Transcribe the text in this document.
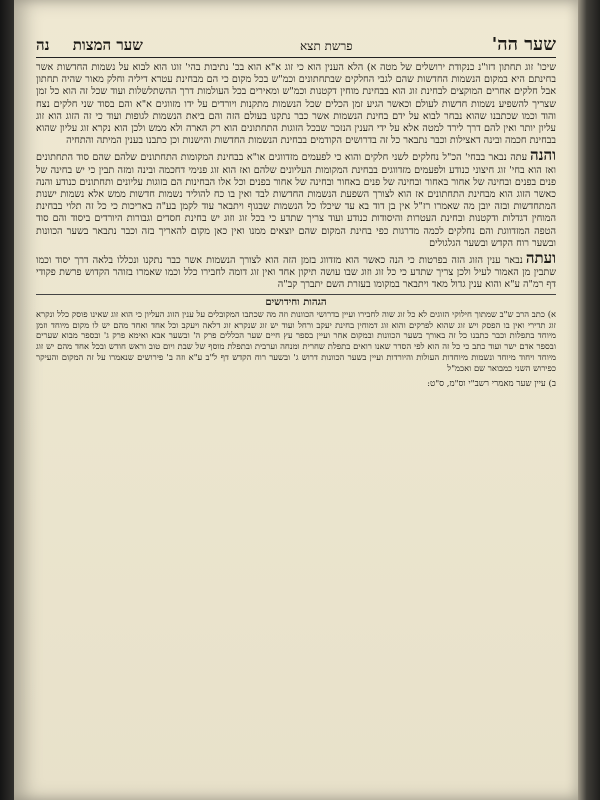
שער הה'
פרשת תצא
שער המצות נה

שיכו' זוג תחתון דזו"נ כנקודת ירושלים של מטה א) הלא הענין הוא כי זוג א"א הוא בכ' נתיבות בהי' זוגו הוא לבוא על נשמות החדשות אשר בחינתם היא במקום הנשמות החדשות שהם לגבי החלקים שבתחתונים וכמ"ש בכל מקום כי הם מבחינת עטרא דיליה וחלק מאור שהיה תחתון אבל חלקים אחרים המוקצים לבחינת זוג הוא בבחינת מוחין דקטנות וכמ"ש ומאירים בכל העולמות דרך ההשתלשלות ועוד שכל זה הוא כל זמן שצריך להשפיע נשמות חדשות לעולם וכאשר הגיע זמן הכלים שכל הנשמות מתקנות ויורדים על ידו מזווגים א"א והם בסוד שני חלקים נצח והוד וכמו שכתבנו שהוא נבחר לבוא על ידם בחינת הנשמות אשר כבר נתקנו בעולם הזה והם ביאת הנשמות לגופות ועוד כי זה הזוג הוא זוג עליון יותר ואין להם דרך לירד למטה אלא על ידי הענין הנזכר שבכל הזוגות התחתונים הוא רק הארה ולא ממש ולכן הוא נקרא זוג עליון שהוא בבחינת חכמה ובינה דאצילות וכבר נתבאר כל זה בדרושים הקודמים בבחינת הנשמות החדשות והישנות וכן כתבנו בענין המיתה והתחיה

והנהעתה נבאר בבחי' הכ"ל נחלקים לשני חלקים והוא כי לפעמים מזדווגים או"א בבחינת המקומות התחתונים שלהם שהם סוד התחתונים ואז הוא בחי' זוג חיצוני כנודע ולפעמים מזדווגים בבחינת המקומות העליונים שלהם ואז הוא זוג פנימי דחכמה ובינה ומזה תבין כי יש בחינה של פנים בפנים ובחינה של אחור באחור ובחינה של פנים באחור ובחינה של אחור בפנים וכל אלו הבחינות הם בזוגות עליונים ותחתונים כנודע והנה כאשר הזוג הוא מבחינת התחתונים אז הוא לצורך השפעת הנשמות החדשות לבד ואין בו כח להוליד נשמות חדשות ממש אלא נשמות ישנות המתחדשות ובזה יובן מה שאמרו רז"ל אין בן דוד בא עד שיכלו כל הנשמות שבגוף ויתבאר עוד לקמן בע"ה באריכות כי כל זה תלוי בבחינת המוחין דגדלות ודקטנות ובחינת העטרות והיסודות כנודע ועוד צריך שתדע כי בכל זוג וזוג יש בחינת חסדים וגבורות היורדים ביסוד והם סוד הטפה המזדווגת והם נחלקים לכמה מדרגות כפי בחינת המקום שהם יוצאים ממנו ואין כאן מקום להאריך בזה וכבר נתבאר בשער הכוונות ובשער רוח הקדש ובשער הגלגולים

ועתהנבאר ענין הזוג הזה בפרטות כי הנה כאשר הוא מזדווג בזמן הזה הוא לצורך הנשמות אשר כבר נתקנו ונכללו בלאה דרך יסוד וכמו שתבין מן האמור לעיל ולכן צריך שתדע כי כל זוג וזוג שבו עושה תיקון אחד ואין זוג דומה לחבירו כלל וכמו שאמרו בזוהר הקדוש פרשת פקודי דף רמ"ה ע"א והוא ענין גדול מאד ויתבאר במקומו בעזרת השם יתברך קב"ה

הגהות וחידושים

א) כתב הרב ש"ב שמתוך חילוקי הזוגים לא כל זוג שוה לחבירו ועיין בדרושי הכוונות וזה מה שכתבו המקובלים על ענין הזוג העליון כי הוא זוג שאינו פוסק כלל ונקרא זוג תדירי ואין בו הפסק ויש זוג שהוא לפרקים והוא זוג דמוחין בחינת יעקב ורחל ועוד יש זוג שנקרא זוג דלאה ויעקב וכל אחד ואחד מהם יש לו מקום מיוחד וזמן מיוחד בתפלות וכבר כתבנו כל זה באורך בשער הכוונות ובמקום אחר ועיין בספר עץ חיים שער הכללים פרק ה' ובשער אבא ואימא פרק ג' ובספר מבוא שערים ובספר אדם ישר ועוד כתב כי כל זה הוא לפי הסדר שאנו רואים בתפלת שחרית ומנחה וערבית ובתפלת מוסף של שבת ויום טוב וראש חודש ובכל אחד מהם יש זוג מיוחד ויחוד מיוחד ונשמות מיוחדות העולות והיורדות ועיין בשער הכוונות דרוש ג' ובשער רוח הקדש דף ל"ב ע"א וזה ב' פירושים שנאמרו על זה המקום והעיקר כפירוש השני כמבואר שם ואכמ"ל

ב) עיין שער מאמרי רשב"י וס"מ, ס"ט:
